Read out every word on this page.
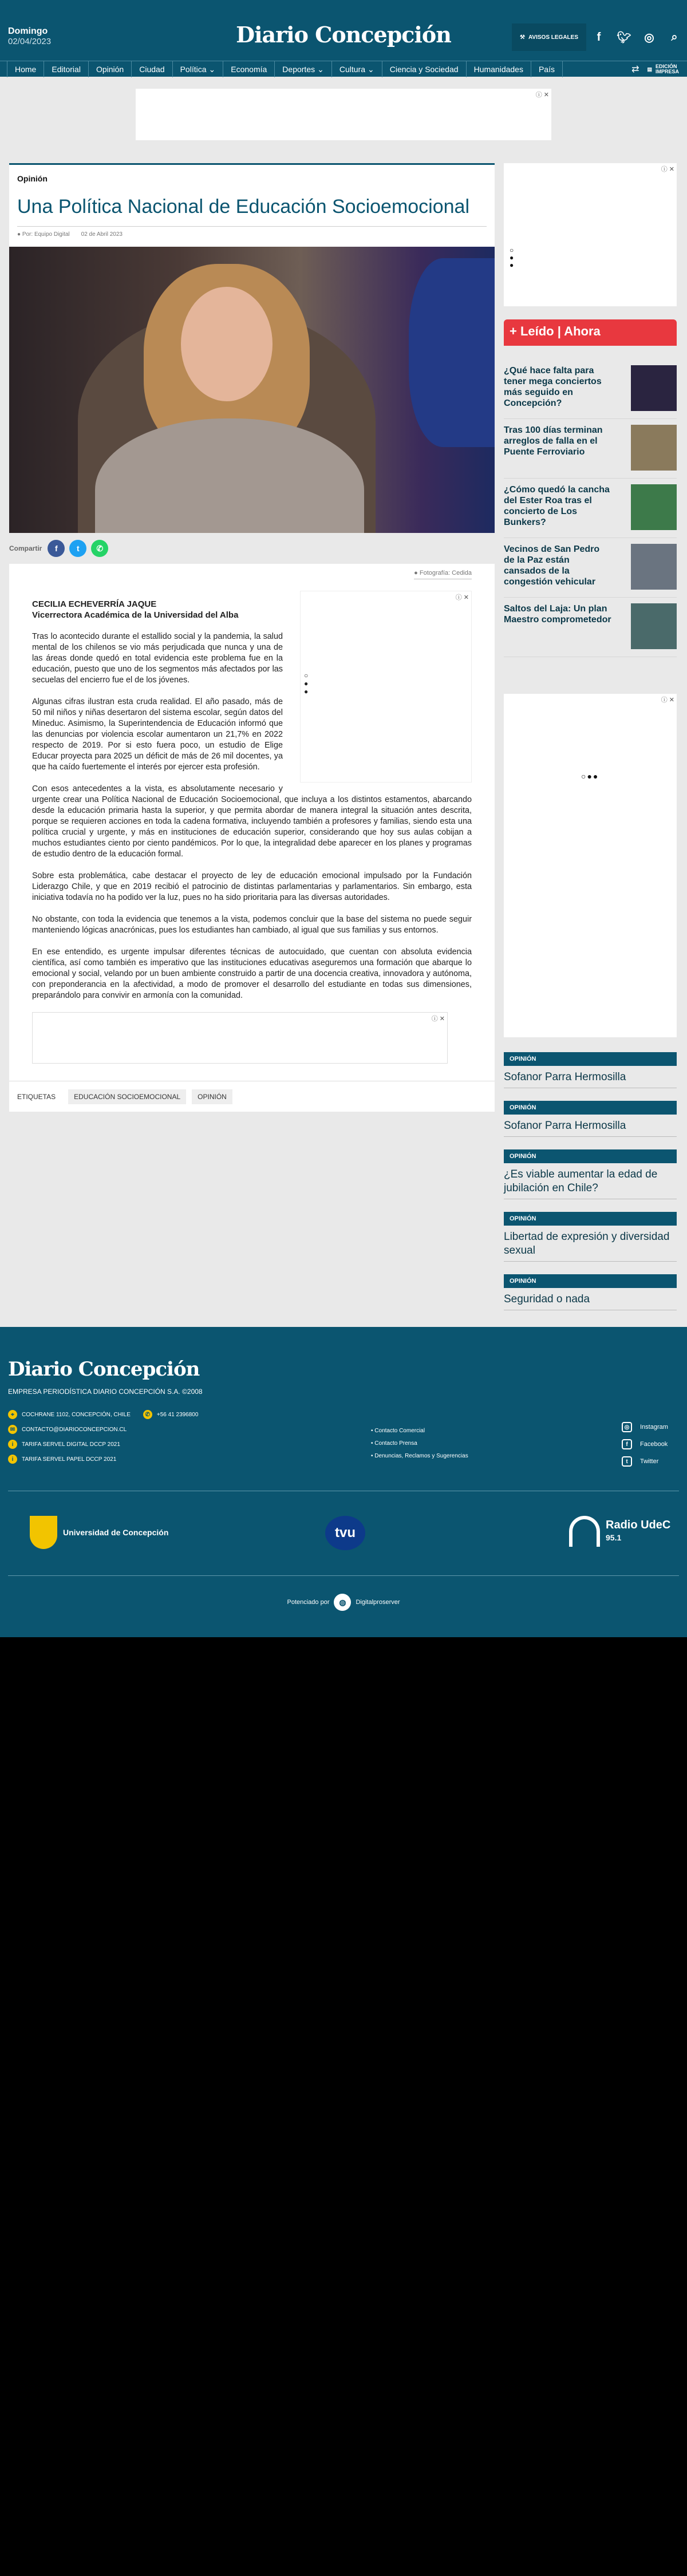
Domingo
02/04/2023	Diario Concepción	⚒ AVISOS LEGALES	f	🐦︎	◎	⌕
Home Editorial Opinión Ciudad Política ⌄ Economía Deportes ⌄ Cultura ⌄ Ciencia y Sociedad Humanidades País	⇄ ▤ EDICIÓN
IMPRESA
ⓘ ✕
Opinión
Una Política Nacional de Educación Socioemocional
● Por: Equipo Digital 02 de Abril 2023
Compartir	f	t	✆
● Fotografía: Cedida
ⓘ ✕
○
●
●
CECILIA ECHEVERRÍA JAQUE
Vicerrectora Académica de la Universidad del Alba

Tras lo acontecido durante el estallido social y la pandemia, la salud mental de los chilenos se vio más perjudicada que nunca y una de las áreas donde quedó en total evidencia este problema fue en la educación, puesto que uno de los segmentos más afectados por las secuelas del encierro fue el de los jóvenes.

Algunas cifras ilustran esta cruda realidad. El año pasado, más de 50 mil niños y niñas desertaron del sistema escolar, según datos del Mineduc. Asimismo, la Superintendencia de Educación informó que las denuncias por violencia escolar aumentaron un 21,7% en 2022 respecto de 2019. Por si esto fuera poco, un estudio de Elige Educar proyecta para 2025 un déficit de más de 26 mil docentes, ya que ha caído fuertemente el interés por ejercer esta profesión.

Con esos antecedentes a la vista, es absolutamente necesario y urgente crear una Política Nacional de Educación Socioemocional, que incluya a los distintos estamentos, abarcando desde la educación primaria hasta la superior, y que permita abordar de manera integral la situación antes descrita, porque se requieren acciones en toda la cadena formativa, incluyendo también a profesores y familias, siendo esta una política crucial y urgente, y más en instituciones de educación superior, considerando que hoy sus aulas cobijan a muchos estudiantes ciento por ciento pandémicos. Por lo que, la integralidad debe aparecer en los planes y programas de estudio dentro de la educación formal.

Sobre esta problemática, cabe destacar el proyecto de ley de educación emocional impulsado por la Fundación Liderazgo Chile, y que en 2019 recibió el patrocinio de distintas parlamentarias y parlamentarios. Sin embargo, esta iniciativa todavía no ha podido ver la luz, pues no ha sido prioritaria para las diversas autoridades.

No obstante, con toda la evidencia que tenemos a la vista, podemos concluir que la base del sistema no puede seguir manteniendo lógicas anacrónicas, pues los estudiantes han cambiado, al igual que sus familias y sus entornos.

En ese entendido, es urgente impulsar diferentes técnicas de autocuidado, que cuentan con absoluta evidencia científica, así como también es imperativo que las instituciones educativas aseguremos una formación que abarque lo emocional y social, velando por un buen ambiente construido a partir de una docencia creativa, innovadora y autónoma, con preponderancia en la afectividad, a modo de promover el desarrollo del estudiante en todas sus dimensiones, preparándolo para convivir en armonía con la comunidad.

ⓘ ✕
ETIQUETAS	EDUCACIÓN SOCIOEMOCIONAL	OPINIÓN
ⓘ ✕
○
●
●
+ Leído | Ahora
¿Qué hace falta para tener mega conciertos más seguido en Concepción?
Tras 100 días terminan arreglos de falla en el Puente Ferroviario
¿Cómo quedó la cancha del Ester Roa tras el concierto de Los Bunkers?
Vecinos de San Pedro de la Paz están cansados de la congestión vehicular
Saltos del Laja: Un plan Maestro comprometedor
ⓘ ✕
○●●
OPINIÓN
Sofanor Parra Hermosilla
OPINIÓN
Sofanor Parra Hermosilla
OPINIÓN
¿Es viable aumentar la edad de jubilación en Chile?
OPINIÓN
Libertad de expresión y diversidad sexual
OPINIÓN
Seguridad o nada
Diario Concepción
EMPRESA PERIODÍSTICA DIARIO CONCEPCIÓN S.A. ©2008
⌖	COCHRANE 1102, CONCEPCIÓN, CHILE	✆	+56 41 2396800
✉	CONTACTO@DIARIOCONCEPCION.CL
i	TARIFA SERVEL DIGITAL DCCP 2021
i	TARIFA SERVEL PAPEL DCCP 2021
• Contacto Comercial
• Contacto Prensa
• Denuncias, Reclamos y Sugerencias
◎	Instagram
f	Facebook
t	Twitter
Universidad de Concepción	tvu	Radio UdeC
95.1
Potenciado por	◍	Digitalproserver
